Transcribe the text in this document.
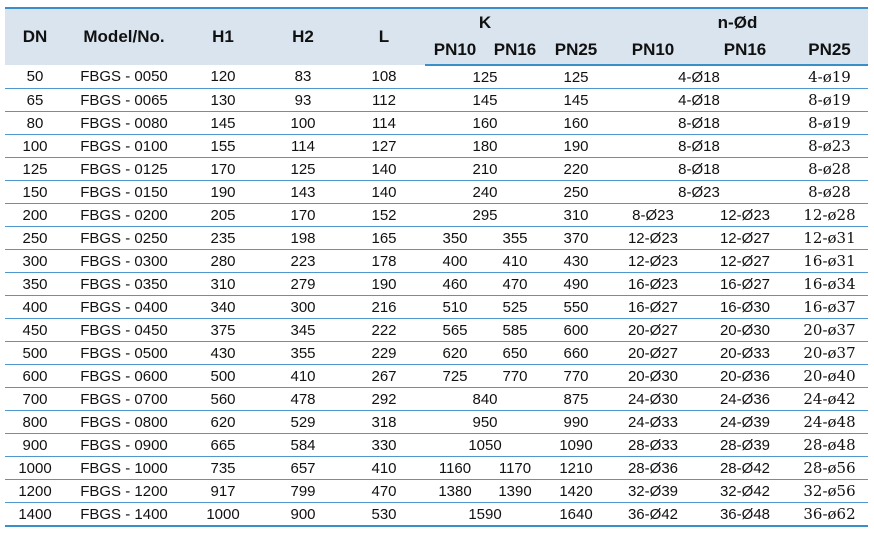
DN	Model/No.	H1	H2	L	K			n-Ød		
					PN10	PN16	PN25	PN10	PN16	PN25
50	FBGS - 0050	120	83	108	125		125	4-Ø18		4-ø19
65	FBGS - 0065	130	93	112	145		145	4-Ø18		8-ø19
80	FBGS - 0080	145	100	114	160		160	8-Ø18		8-ø19
100	FBGS - 0100	155	114	127	180		190	8-Ø18		8-ø23
125	FBGS - 0125	170	125	140	210		220	8-Ø18		8-ø28
150	FBGS - 0150	190	143	140	240		250	8-Ø23		8-ø28
200	FBGS - 0200	205	170	152	295		310	8-Ø23	12-Ø23	12-ø28
250	FBGS - 0250	235	198	165	350	355	370	12-Ø23	12-Ø27	12-ø31
300	FBGS - 0300	280	223	178	400	410	430	12-Ø23	12-Ø27	16-ø31
350	FBGS - 0350	310	279	190	460	470	490	16-Ø23	16-Ø27	16-ø34
400	FBGS - 0400	340	300	216	510	525	550	16-Ø27	16-Ø30	16-ø37
450	FBGS - 0450	375	345	222	565	585	600	20-Ø27	20-Ø30	20-ø37
500	FBGS - 0500	430	355	229	620	650	660	20-Ø27	20-Ø33	20-ø37
600	FBGS - 0600	500	410	267	725	770	770	20-Ø30	20-Ø36	20-ø40
700	FBGS - 0700	560	478	292	840		875	24-Ø30	24-Ø36	24-ø42
800	FBGS - 0800	620	529	318	950		990	24-Ø33	24-Ø39	24-ø48
900	FBGS - 0900	665	584	330	1050		1090	28-Ø33	28-Ø39	28-ø48
1000	FBGS - 1000	735	657	410	1160	1170	1210	28-Ø36	28-Ø42	28-ø56
1200	FBGS - 1200	917	799	470	1380	1390	1420	32-Ø39	32-Ø42	32-ø56
1400	FBGS - 1400	1000	900	530	1590		1640	36-Ø42	36-Ø48	36-ø62
